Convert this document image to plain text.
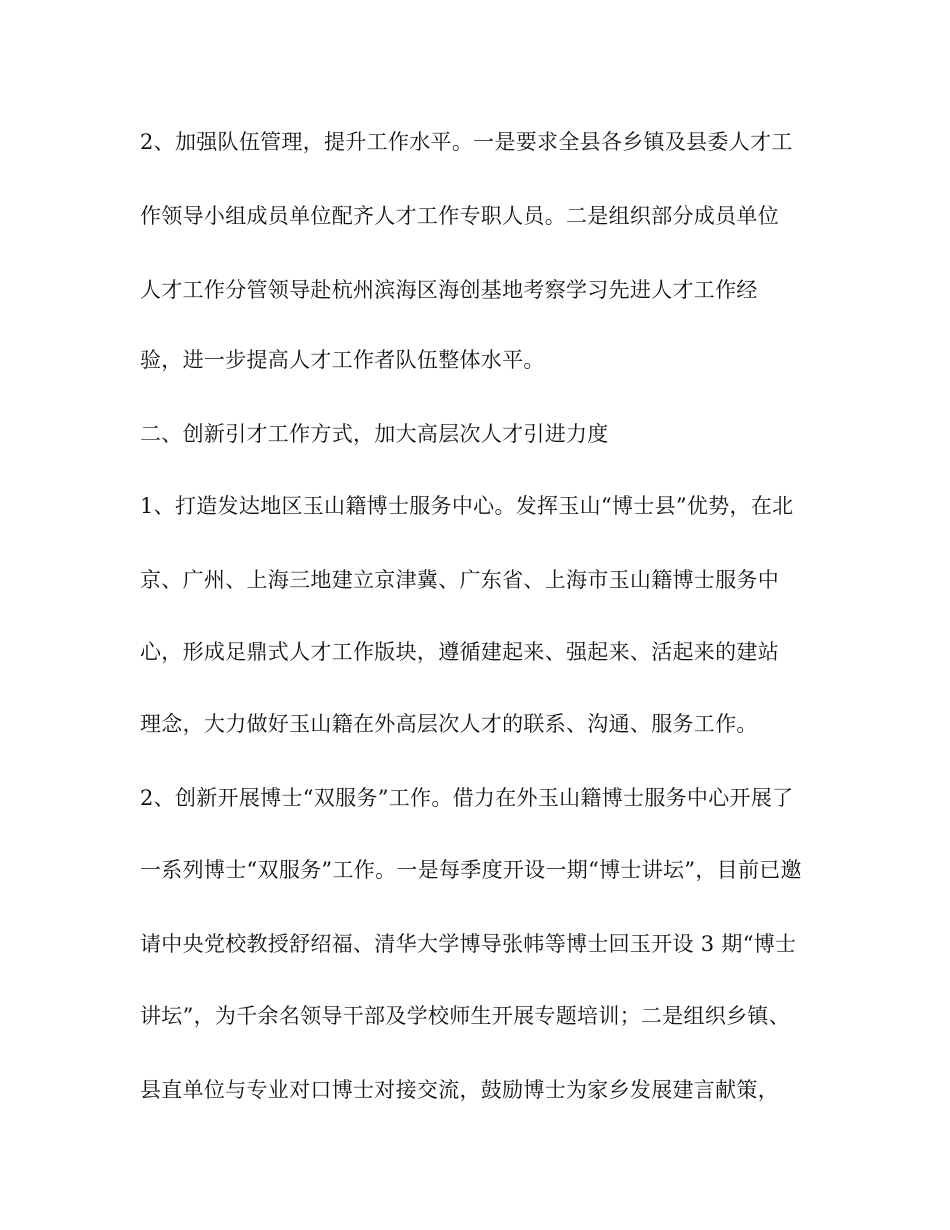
2、加强队伍管理，提升工作水平。一是要求全县各乡镇及县委人才工
作领导小组成员单位配齐人才工作专职人员。二是组织部分成员单位
人才工作分管领导赴杭州滨海区海创基地考察学习先进人才工作经
验，进一步提高人才工作者队伍整体水平。
二、创新引才工作方式，加大高层次人才引进力度
1、打造发达地区玉山籍博士服务中心。发挥玉山“博士县”优势，在北
京、广州、上海三地建立京津冀、广东省、上海市玉山籍博士服务中
心，形成足鼎式人才工作版块，遵循建起来、强起来、活起来的建站
理念，大力做好玉山籍在外高层次人才的联系、沟通、服务工作。
2、创新开展博士“双服务”工作。借力在外玉山籍博士服务中心开展了
一系列博士“双服务”工作。一是每季度开设一期“博士讲坛”，目前已邀
请中央党校教授舒绍福、清华大学博导张帏等博士回玉开设 3 期“博士
讲坛”，为千余名领导干部及学校师生开展专题培训；二是组织乡镇、
县直单位与专业对口博士对接交流，鼓励博士为家乡发展建言献策，
